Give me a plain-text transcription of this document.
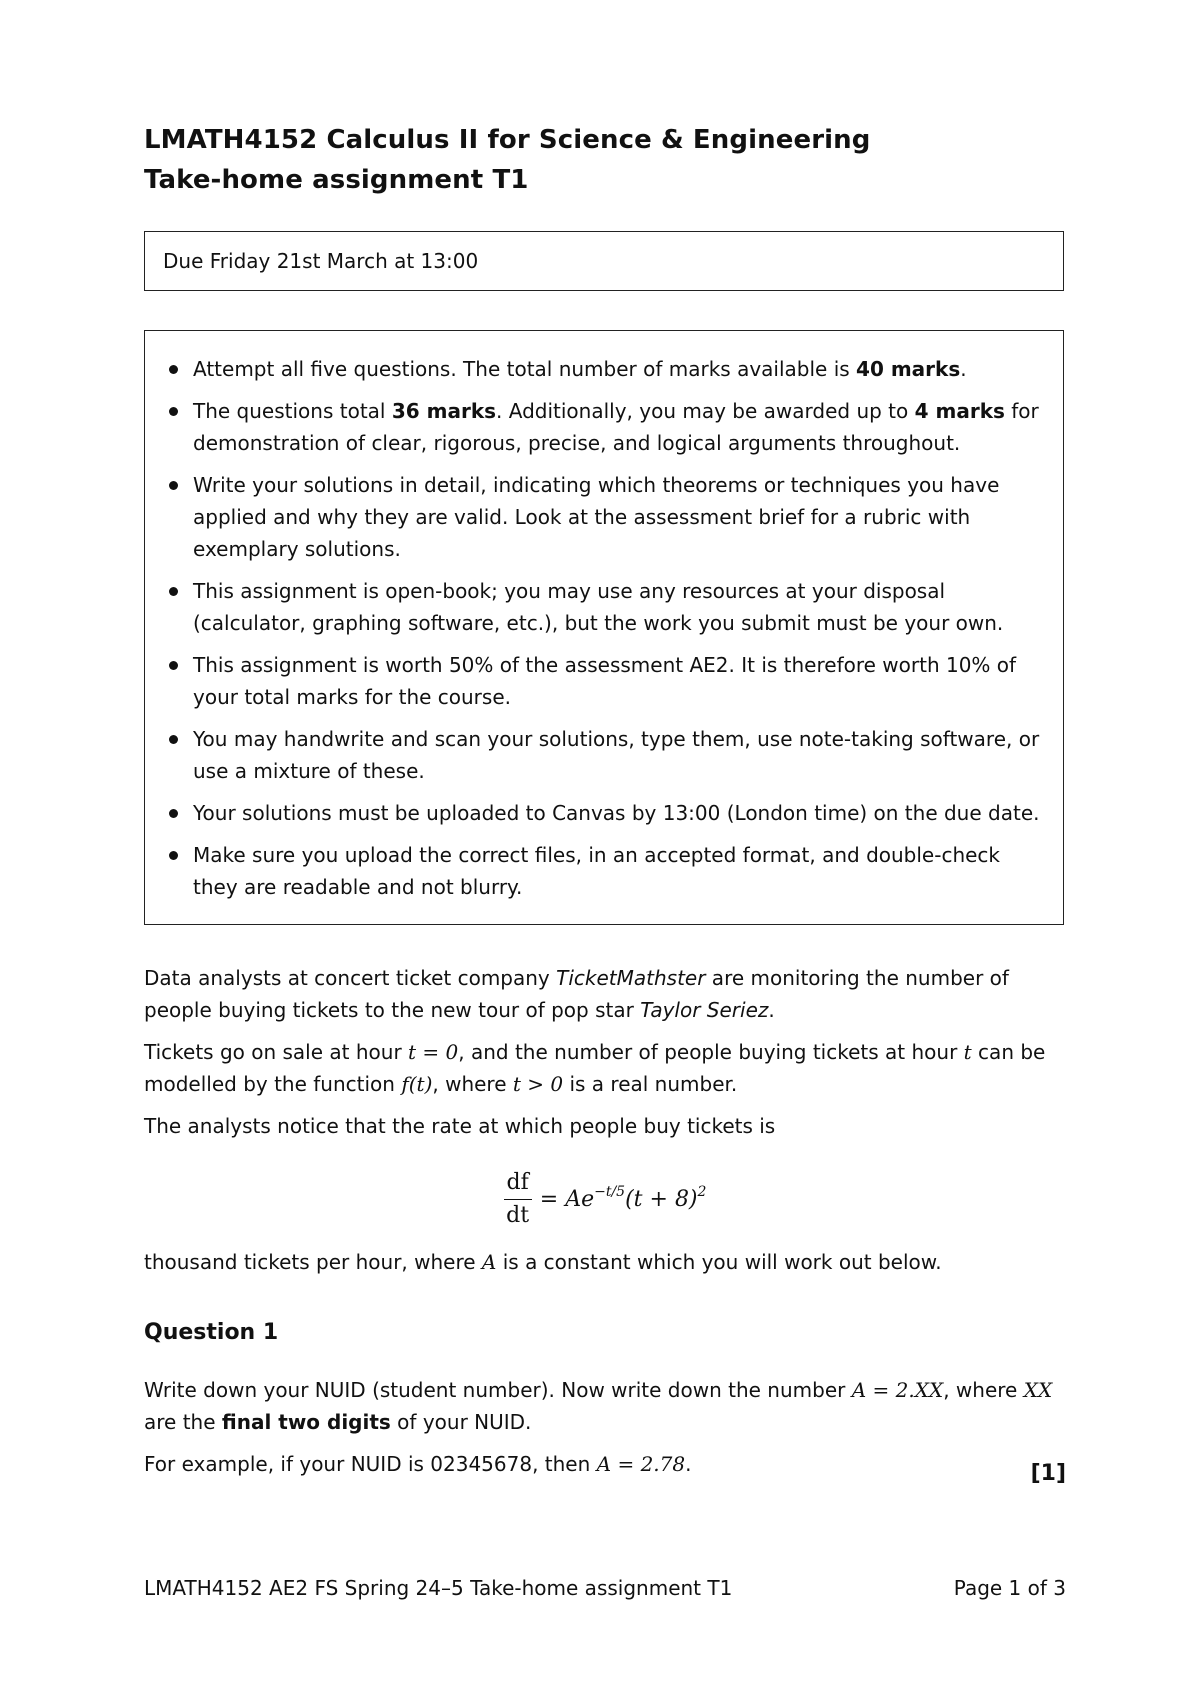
LMATH4152 Calculus II for Science & Engineering
Take-home assignment T1
Due Friday 21st March at 13:00
Attempt all five questions. The total number of marks available is 40 marks.
The questions total 36 marks. Additionally, you may be awarded up to 4 marks for demonstration of clear, rigorous, precise, and logical arguments throughout.
Write your solutions in detail, indicating which theorems or techniques you have applied and why they are valid. Look at the assessment brief for a rubric with exemplary solutions.
This assignment is open-book; you may use any resources at your disposal (calculator, graphing software, etc.), but the work you submit must be your own.
This assignment is worth 50% of the assessment AE2. It is therefore worth 10% of your total marks for the course.
You may handwrite and scan your solutions, type them, use note-taking software, or use a mixture of these.
Your solutions must be uploaded to Canvas by 13:00 (London time) on the due date.
Make sure you upload the correct files, in an accepted format, and double-check they are readable and not blurry.

Data analysts at concert ticket company TicketMathster are monitoring the number of people buying tickets to the new tour of pop star Taylor Seriez.

Tickets go on sale at hour t = 0, and the number of people buying tickets at hour t can be modelled by the function f(t), where t > 0 is a real number.

The analysts notice that the rate at which people buy tickets is

$\frac{df}{dt} = Ae^{-t/5}(t + 8)^2$

thousand tickets per hour, where A is a constant which you will work out below.

Question 1

Write down your NUID (student number). Now write down the number A = 2.XX, where XX are the final two digits of your NUID.

For example, if your NUID is 02345678, then A = 2.78.	[1]
LMATH4152 AE2 FS Spring 24–5 Take-home assignment T1	Page 1 of 3
